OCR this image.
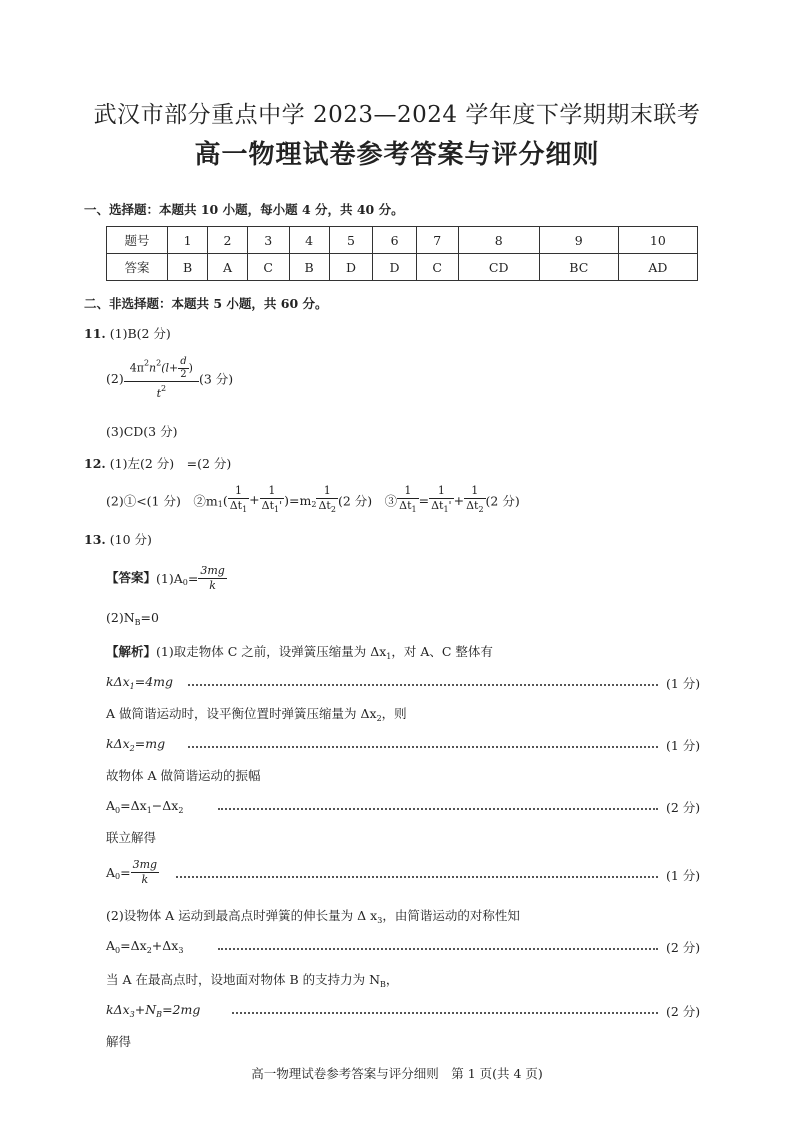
武汉市部分重点中学 2023—2024 学年度下学期期末联考
高一物理试卷参考答案与评分细则
一、选择题：本题共 10 小题，每小题 4 分，共 40 分。
题号	1	2	3	4	5	6	7	8	9	10
答案	B	A	C	B	D	D	C	CD	BC	AD
二、非选择题：本题共 5 小题，共 60 分。
11. (1)B(2 分)
$(2) \frac{4\pi^2n^2(l+ \frac{d}{2} )}{t^2} (3$ 分)
(3)CD(3 分)
12. (1)左(2 分)　=(2 分)
(2)①<(1 分)　$②m_1( \frac{1}{\Delta t_1} + \frac{1}{\Delta t_1'} )=m_2 \frac{1}{\Delta t_2} (2$ 分)　③ $\frac{1}{\Delta t_1} = \frac{1}{\Delta t_1'} + \frac{1}{\Delta t_2} (2$ 分)
13. (10 分)
【答案】$(1)A_0= \frac{3mg}{k}$
$(2)N_B=0$
【解析】(1)取走物体 C 之前，设弹簧压缩量为 $\Delta x_1$，对 A、C 整体有
kΔx$_1$=4mg	(1 分)
A 做简谐运动时，设平衡位置时弹簧压缩量为 $\Delta x_2$，则
kΔx$_2$=mg	(1 分)
故物体 A 做简谐运动的振幅
$A_0=\Delta x_1-\Delta x_2$	(2 分)
联立解得
$A_0= \frac{3mg}{k}$	(1 分)
(2)设物体 A 运动到最高点时弹簧的伸长量为 Δ $x_3$，由简谐运动的对称性知
$A_0=\Delta x_2+\Delta x_3$	(2 分)
当 A 在最高点时，设地面对物体 B 的支持力为 $N_B$，
$k\Delta x_3+N_B=2mg$	(2 分)
解得
高一物理试卷参考答案与评分细则　第 1 页(共 4 页)
